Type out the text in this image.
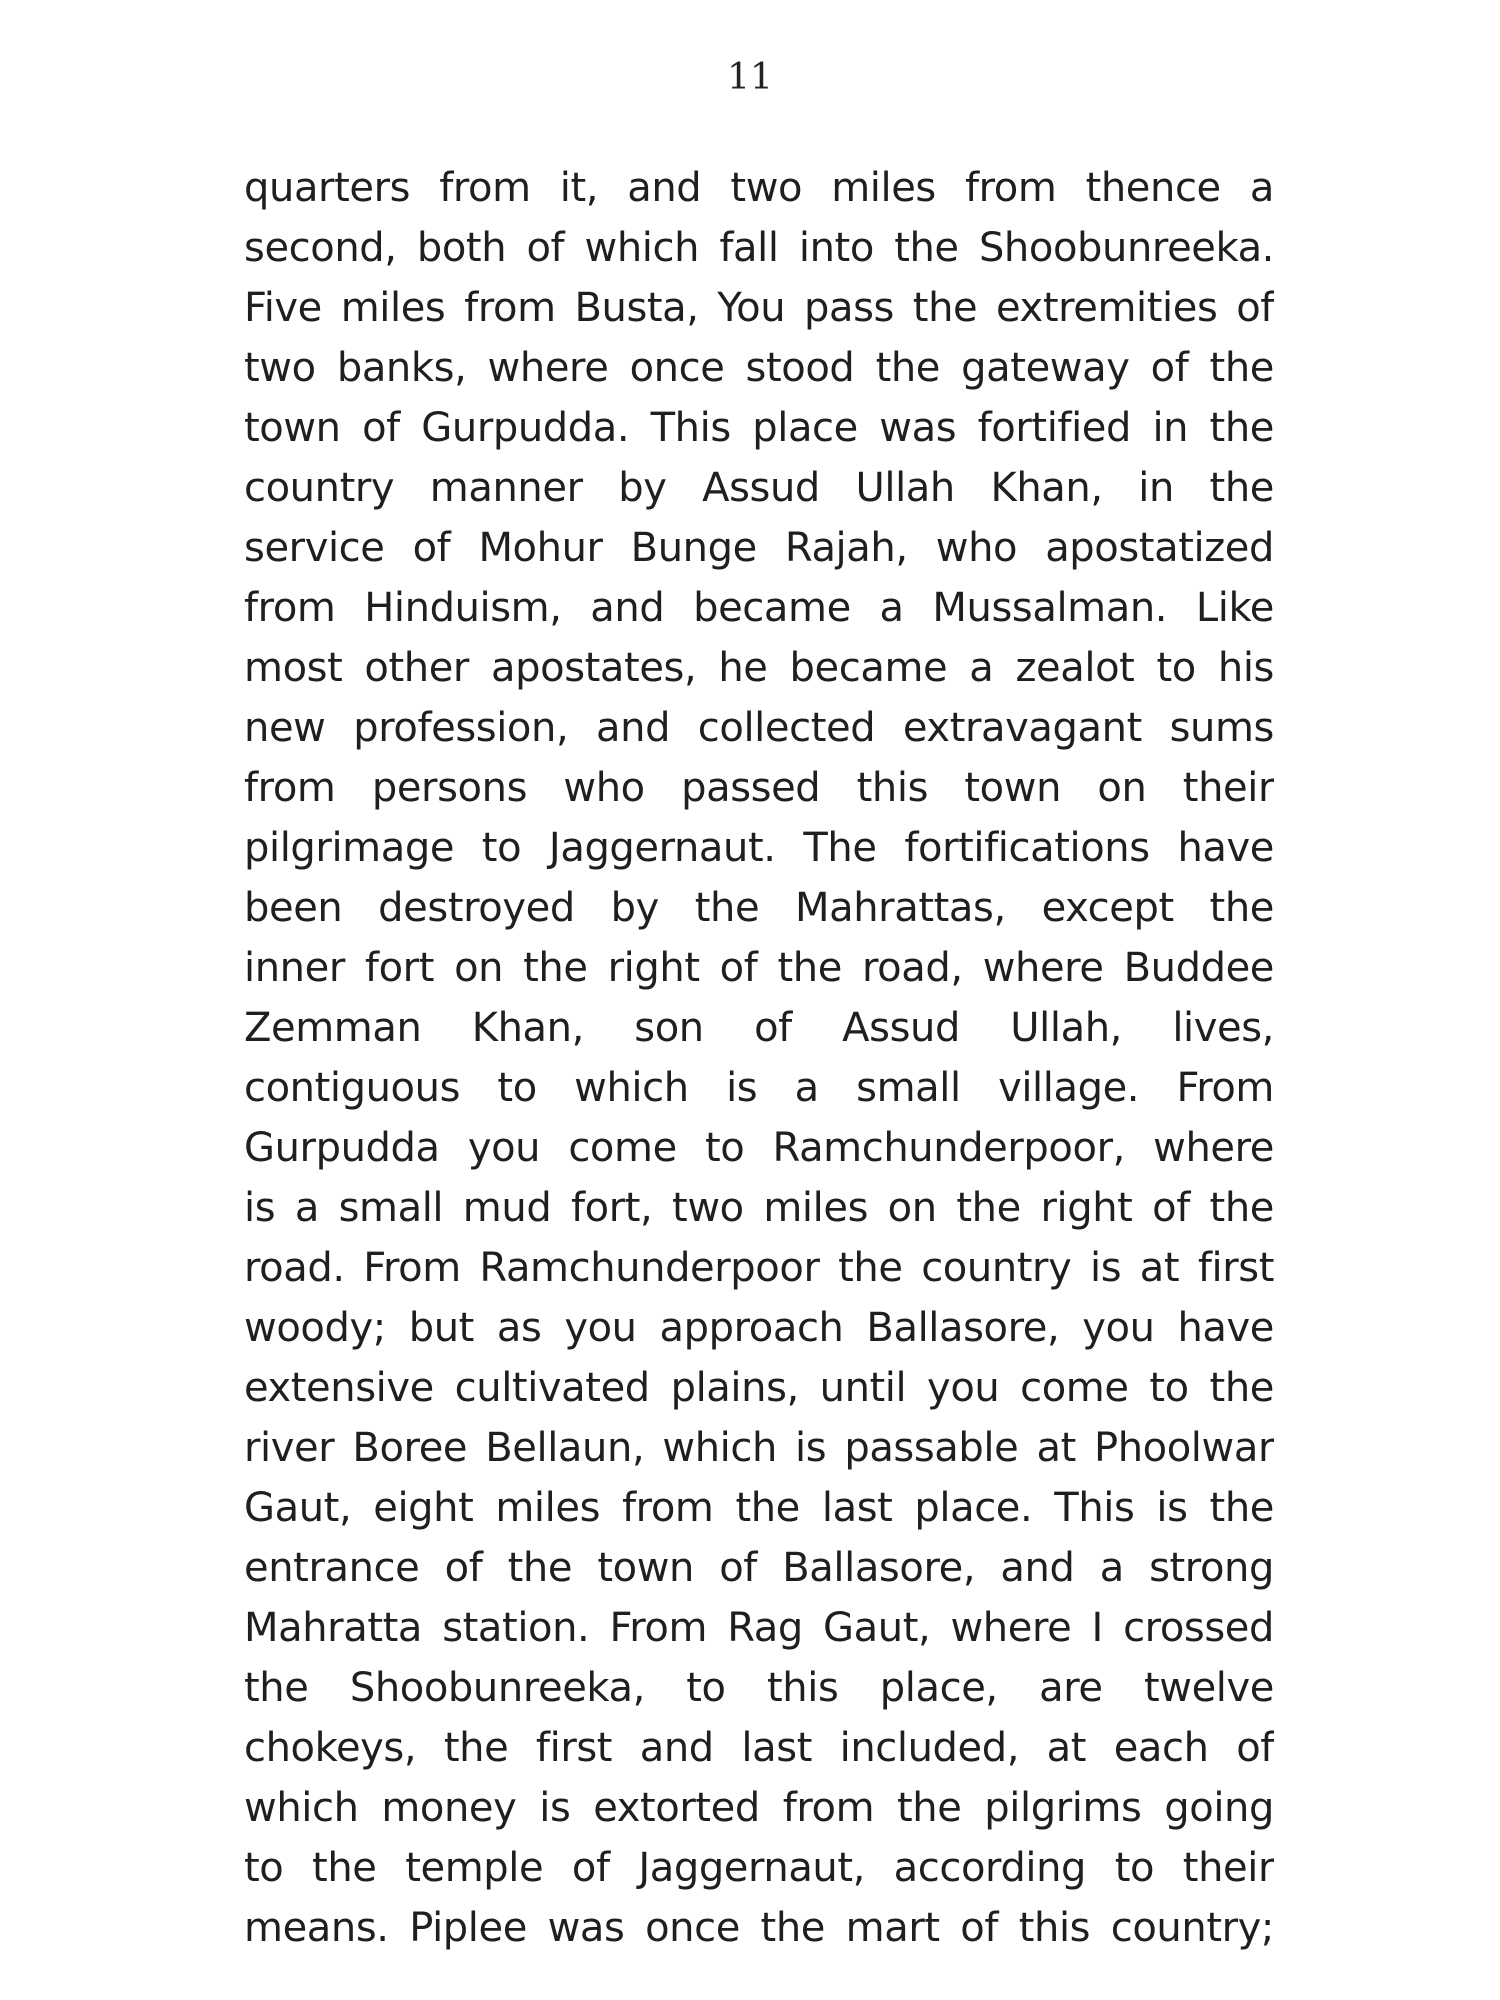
11
quarters from it, and two miles from thence a
second, both of which fall into the Shoobunreeka.
Five miles from Busta, You pass the extremities of
two banks, where once stood the gateway of the
town of Gurpudda. This place was fortified in the
country manner by Assud Ullah Khan, in the
service of Mohur Bunge Rajah, who apostatized
from Hinduism, and became a Mussalman. Like
most other apostates, he became a zealot to his
new profession, and collected extravagant sums
from persons who passed this town on their
pilgrimage to Jaggernaut. The fortifications have
been destroyed by the Mahrattas, except the
inner fort on the right of the road, where Buddee
Zemman Khan, son of Assud Ullah, lives,
contiguous to which is a small village. From
Gurpudda you come to Ramchunderpoor, where
is a small mud fort, two miles on the right of the
road. From Ramchunderpoor the country is at first
woody; but as you approach Ballasore, you have
extensive cultivated plains, until you come to the
river Boree Bellaun, which is passable at Phoolwar
Gaut, eight miles from the last place. This is the
entrance of the town of Ballasore, and a strong
Mahratta station. From Rag Gaut, where I crossed
the Shoobunreeka, to this place, are twelve
chokeys, the first and last included, at each of
which money is extorted from the pilgrims going
to the temple of Jaggernaut, according to their
means. Piplee was once the mart of this country;
